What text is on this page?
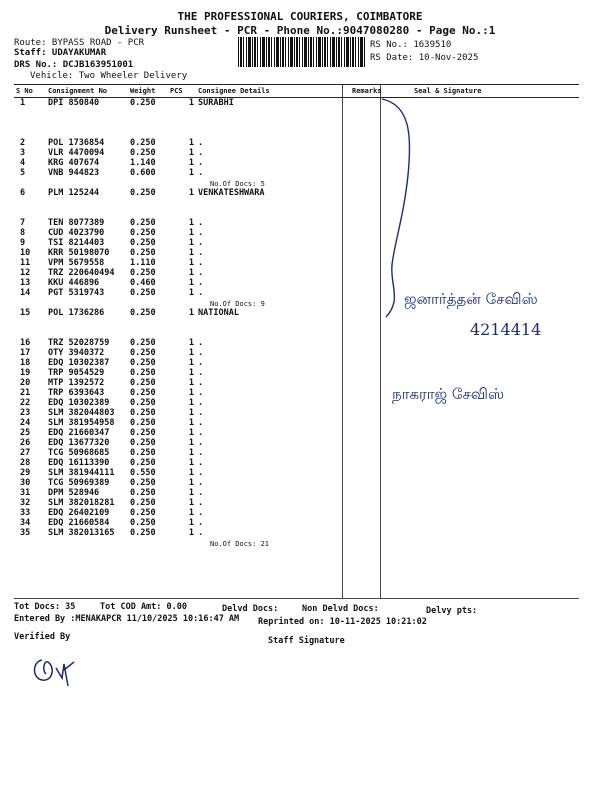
THE PROFESSIONAL COURIERS, COIMBATORE
Delivery Runsheet - PCR - Phone No.:9047080280 - Page No.:1
Route: BYPASS ROAD - PCR
Staff: UDAYAKUMAR
DRS No.: DCJB163951001
Vehicle: Two Wheeler Delivery
RS No.: 1639510
RS Date: 10-Nov-2025
S No	Consignment No	Weight	PCS	Consignee Details	Remarks	Seal & Signature
1	DPI 850840	0.250	1	SURABHI		

2	POL 1736854	0.250	1	.		
3	VLR 4470094	0.250	1	.		
4	KRG 407674	1.140	1	.		
5	VNB 944823	0.600	1	.		
				No.Of Docs: 5		
6	PLM 125244	0.250	1	VENKATESHWARA		

7	TEN 8077389	0.250	1	.		
8	CUD 4023790	0.250	1	.		
9	TSI 8214403	0.250	1	.		
10	KRR 50198070	0.250	1	.		
11	VPM 5679558	1.110	1	.		
12	TRZ 220640494	0.250	1	.		
13	KKU 446896	0.460	1	.		
14	PGT 5319743	0.250	1	.		
				No.Of Docs: 9		
15	POL 1736286	0.250	1	NATIONAL		

16	TRZ 52028759	0.250	1	.		
17	OTY 3940372	0.250	1	.		
18	EDQ 10302387	0.250	1	.		
19	TRP 9054529	0.250	1	.		
20	MTP 1392572	0.250	1	.		
21	TRP 6393643	0.250	1	.		
22	EDQ 10302389	0.250	1	.		
23	SLM 382044803	0.250	1	.		
24	SLM 381954958	0.250	1	.		
25	EDQ 21660347	0.250	1	.		
26	EDQ 13677320	0.250	1	.		
27	TCG 50968685	0.250	1	.		
28	EDQ 16113390	0.250	1	.		
29	SLM 381944111	0.550	1	.		
30	TCG 50969389	0.250	1	.		
31	DPM 528946	0.250	1	.		
32	SLM 382018281	0.250	1	.		
33	EDQ 26402109	0.250	1	.		
34	EDQ 21660584	0.250	1	.		
35	SLM 382013165	0.250	1	.		
				No.Of Docs: 21		
ஜனார்த்தன் சேவிஸ்
4214414
நாகராஜ் சேவிஸ்
Tot Docs: 35	Tot COD Amt: 0.00	Delvd Docs:	Non Delvd Docs:	Delvy pts:
Entered By :MENAKAPCR 11/10/2025 10:16:47 AM Reprinted on: 10-11-2025 10:21:02
Verified By	Staff Signature
